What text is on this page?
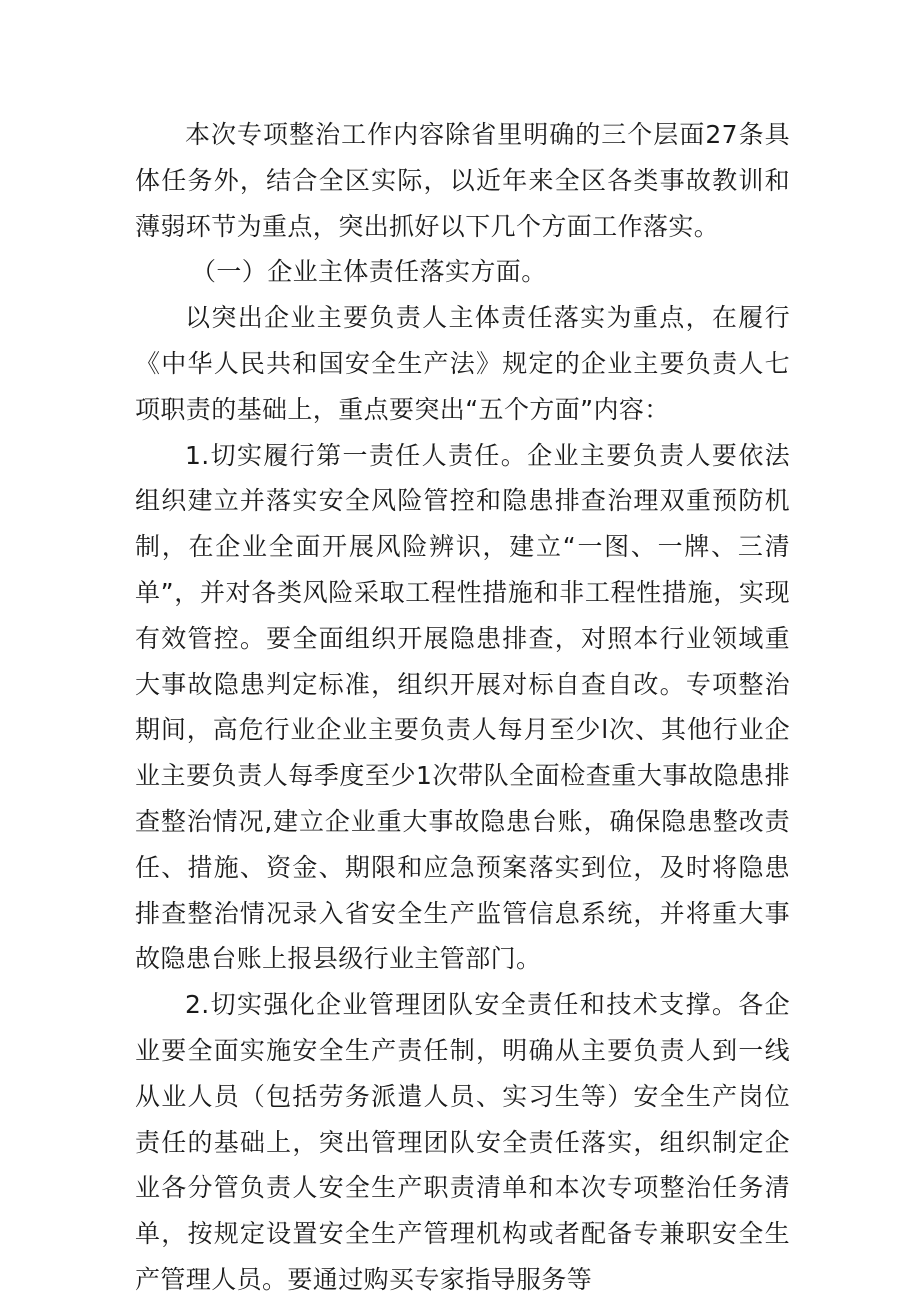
本次专项整治工作内容除省里明确的三个层面27条具体任务外，结合全区实际，以近年来全区各类事故教训和薄弱环节为重点，突出抓好以下几个方面工作落实。

（一）企业主体责任落实方面。

以突出企业主要负责人主体责任落实为重点，在履行《中华人民共和国安全生产法》规定的企业主要负责人七项职责的基础上，重点要突出“五个方面”内容：

1.切实履行第一责任人责任。企业主要负责人要依法组织建立并落实安全风险管控和隐患排查治理双重预防机制，在企业全面开展风险辨识，建立“一图、一牌、三清单”，并对各类风险采取工程性措施和非工程性措施，实现有效管控。要全面组织开展隐患排查，对照本行业领域重大事故隐患判定标准，组织开展对标自查自改。专项整治期间，高危行业企业主要负责人每月至少l次、其他行业企业主要负责人每季度至少1次带队全面检查重大事故隐患排查整治情况,建立企业重大事故隐患台账，确保隐患整改责任、措施、资金、期限和应急预案落实到位，及时将隐患排查整治情况录入省安全生产监管信息系统，并将重大事故隐患台账上报县级行业主管部门。

2.切实强化企业管理团队安全责任和技术支撑。各企业要全面实施安全生产责任制，明确从主要负责人到一线从业人员（包括劳务派遣人员、实习生等）安全生产岗位责任的基础上，突出管理团队安全责任落实，组织制定企业各分管负责人安全生产职责清单和本次专项整治任务清单，按规定设置安全生产管理机构或者配备专兼职安全生产管理人员。要通过购买专家指导服务等
